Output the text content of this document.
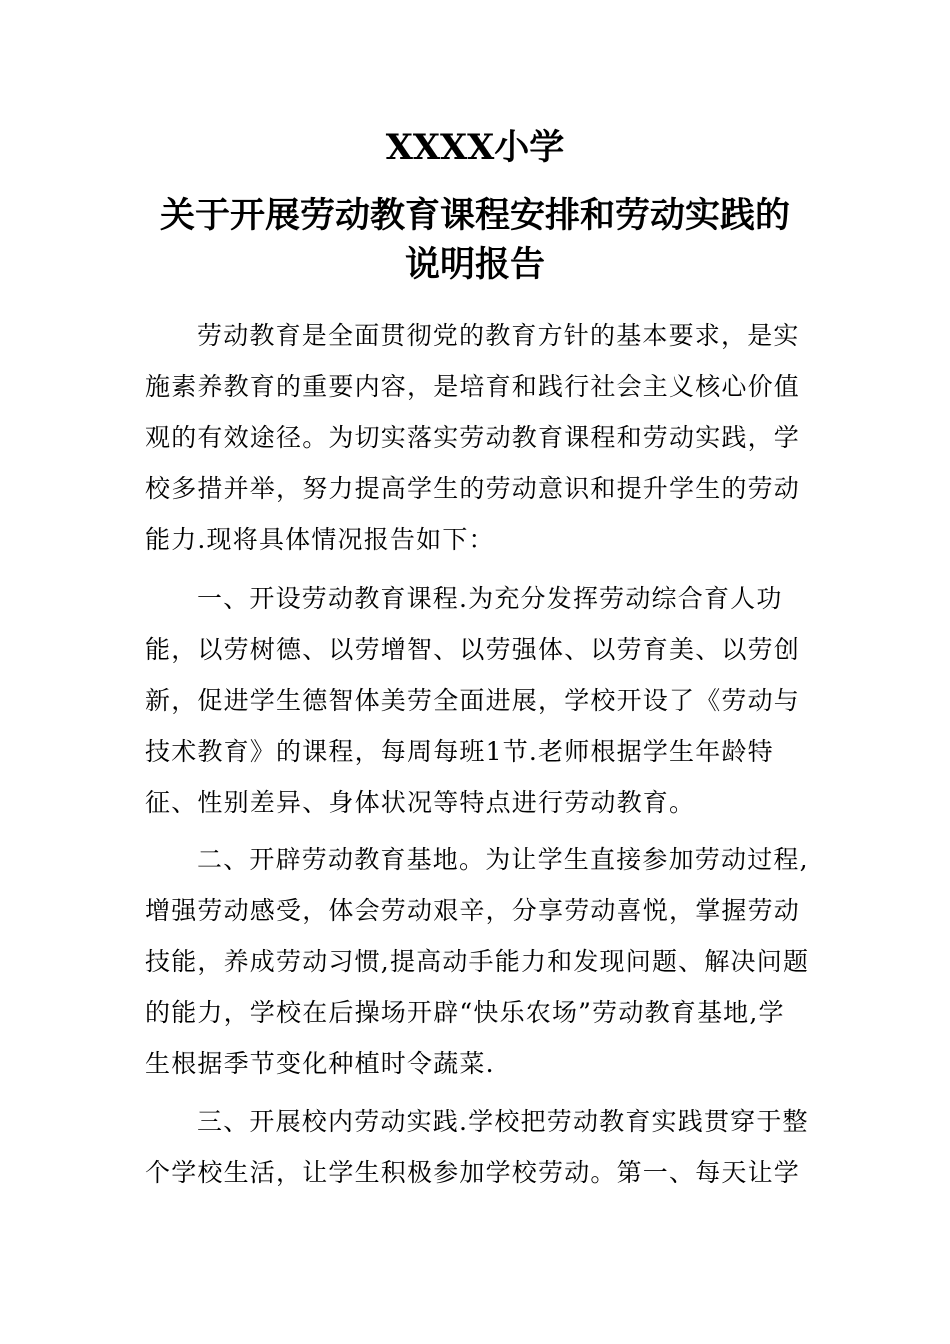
XXXX小学
关于开展劳动教育课程安排和劳动实践的
说明报告

劳动教育是全面贯彻党的教育方针的基本要求，是实
施素养教育的重要内容，是培育和践行社会主义核心价值
观的有效途径。为切实落实劳动教育课程和劳动实践，学
校多措并举，努力提高学生的劳动意识和提升学生的劳动
能力.现将具体情况报告如下：

一、开设劳动教育课程.为充分发挥劳动综合育人功
能，以劳树德、以劳增智、以劳强体、以劳育美、以劳创
新，促进学生德智体美劳全面进展，学校开设了《劳动与
技术教育》的课程，每周每班1节.老师根据学生年龄特
征、性别差异、身体状况等特点进行劳动教育。

二、开辟劳动教育基地。为让学生直接参加劳动过程,
增强劳动感受，体会劳动艰辛，分享劳动喜悦，掌握劳动
技能，养成劳动习惯,提高动手能力和发现问题、解决问题
的能力，学校在后操场开辟“快乐农场”劳动教育基地,学
生根据季节变化种植时令蔬菜.

三、开展校内劳动实践.学校把劳动教育实践贯穿于整
个学校生活，让学生积极参加学校劳动。第一、每天让学
